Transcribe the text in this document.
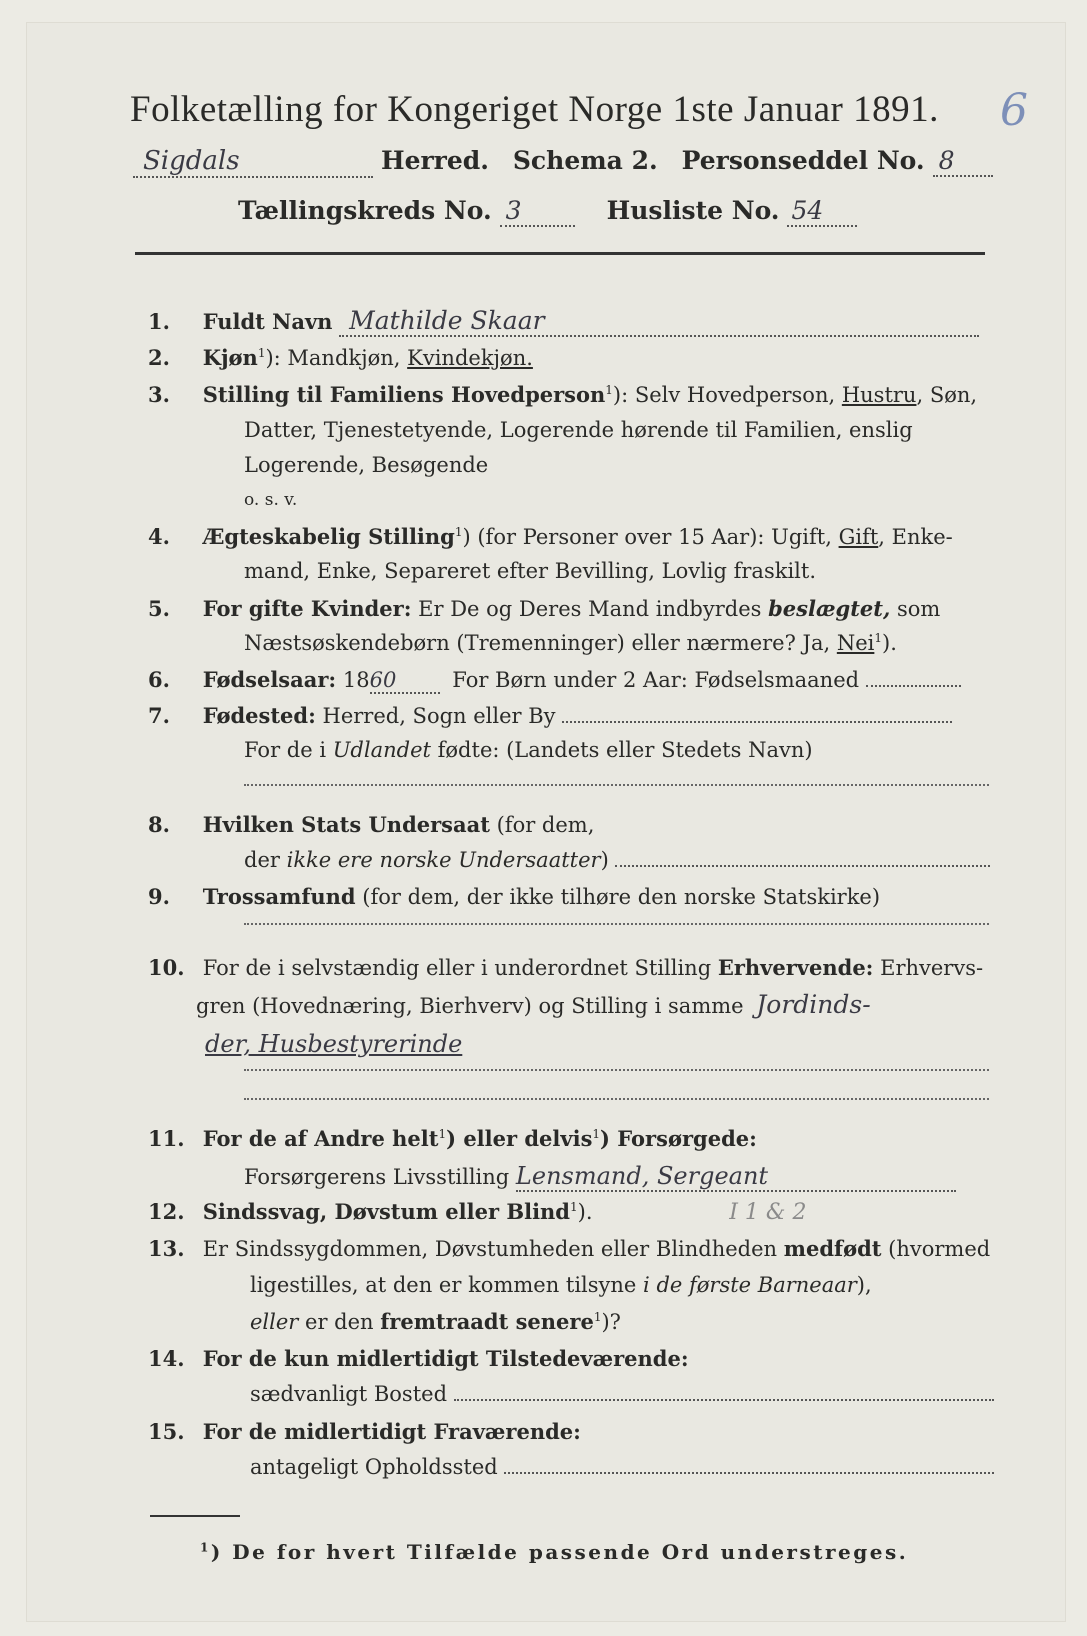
Folketælling for Kongeriget Norge 1ste Januar 1891.	6
Sigdals	Herred. Schema 2. Personseddel No. 8
Tællingskreds No. 3	Husliste No. 54
1. Fuldt Navn Mathilde Skaar
2. Kjøn$^1$): Mandkjøn, Kvindekjøn.
3. Stilling til Familiens Hovedperson$^1$): Selv Hovedperson, Hustru, Søn,
Datter, Tjenestetyende, Logerende hørende til Familien, enslig
Logerende, Besøgende
o. s. v.
4. Ægteskabelig Stilling$^1$) (for Personer over 15 Aar): Ugift, Gift, Enke-
mand, Enke, Separeret efter Bevilling, Lovlig fraskilt.
5. For gifte Kvinder: Er De og Deres Mand indbyrdes beslægtet, som
Næstsøskendebørn (Tremenninger) eller nærmere? Ja, Nei$^1$).
6. Fødselsaar: 1860	For Børn under 2 Aar: Fødselsmaaned
7. Fødested: Herred, Sogn eller By
For de i Udlandet fødte: (Landets eller Stedets Navn)
8. Hvilken Stats Undersaat (for dem,
der ikke ere norske Undersaatter)
9. Trossamfund (for dem, der ikke tilhøre den norske Statskirke)
10. For de i selvstændig eller i underordnet Stilling Erhvervende: Erhvervs-
gren (Hovednæring, Bierhverv) og Stilling i samme Jordinds-
der, Husbestyrerinde
11. For de af Andre helt$^1$) eller delvis$^1$) Forsørgede:
Forsørgerens Livsstilling Lensmand, Sergeant
12. Sindssvag, Døvstum eller Blind$^1$).	I 1 & 2
13. Er Sindssygdommen, Døvstumheden eller Blindheden medfødt (hvormed
ligestilles, at den er kommen tilsyne i de første Barneaar),
eller er den fremtraadt senere$^1$)?
14. For de kun midlertidigt Tilstedeværende:
sædvanligt Bosted
15. For de midlertidigt Fraværende:
antageligt Opholdssted
$^1$) De for hvert Tilfælde passende Ord understreges.
